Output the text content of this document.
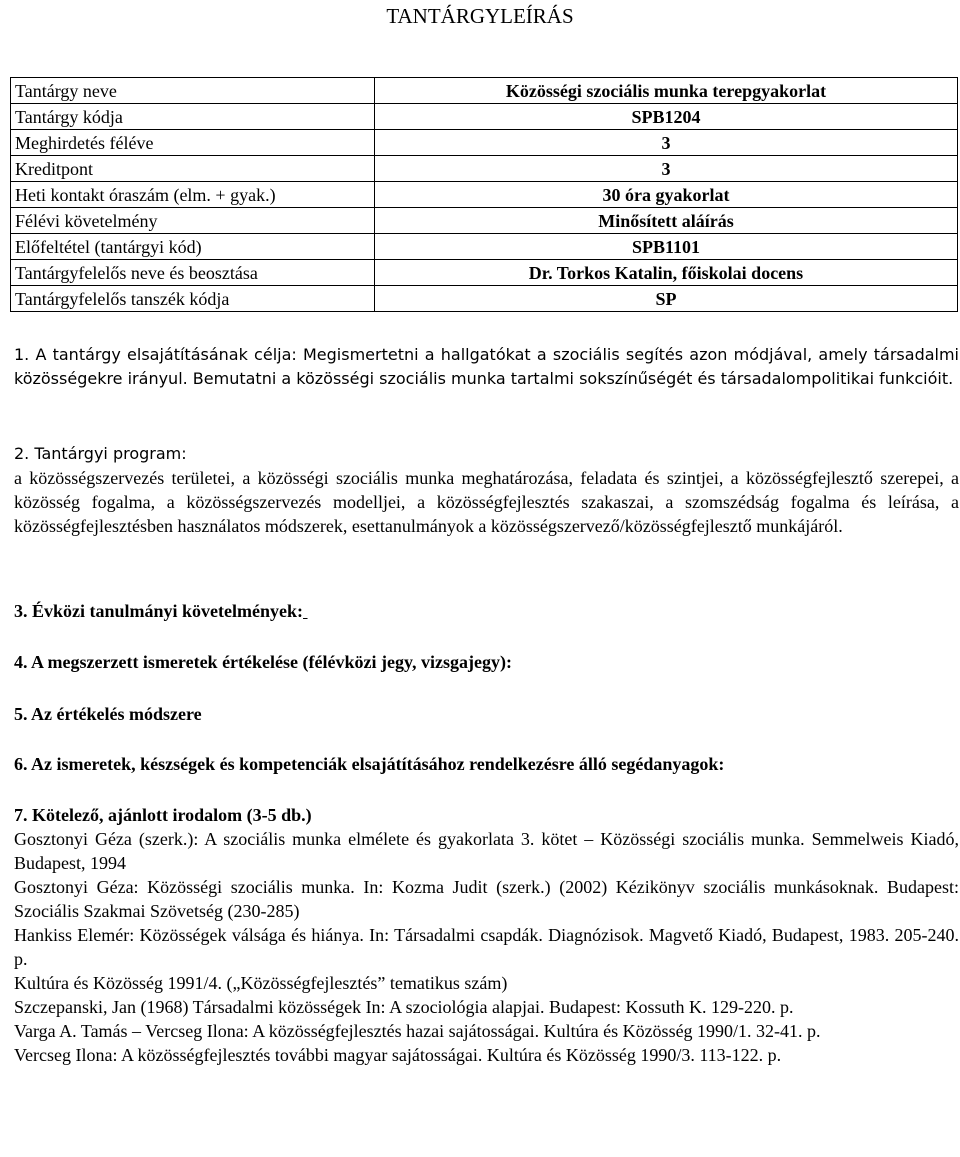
TANTÁRGYLEÍRÁS
Tantárgy neve	Közösségi szociális munka terepgyakorlat
Tantárgy kódja	SPB1204
Meghirdetés féléve	3
Kreditpont	3
Heti kontakt óraszám (elm. + gyak.)	30 óra gyakorlat
Félévi követelmény	Minősített aláírás
Előfeltétel (tantárgyi kód)	SPB1101
Tantárgyfelelős neve és beosztása	Dr. Torkos Katalin, főiskolai docens
Tantárgyfelelős tanszék kódja	SP
1. A tantárgy elsajátításának célja: Megismertetni a hallgatókat a szociális segítés azon módjával, amely társadalmi közösségekre irányul. Bemutatni a közösségi szociális munka tartalmi sokszínűségét és társadalompolitikai funkcióit.
2. Tantárgyi program:
a közösségszervezés területei, a közösségi szociális munka meghatározása, feladata és szintjei, a közösségfejlesztő szerepei, a közösség fogalma, a közösségszervezés modelljei, a közösségfejlesztés szakaszai, a szomszédság fogalma és leírása, a közösségfejlesztésben használatos módszerek, esettanulmányok a közösségszervező/közösségfejlesztő munkájáról.
3. Évközi tanulmányi követelmények:
4. A megszerzett ismeretek értékelése (félévközi jegy, vizsgajegy):
5. Az értékelés módszere
6. Az ismeretek, készségek és kompetenciák elsajátításához rendelkezésre álló segédanyagok:
7. Kötelező, ajánlott irodalom (3-5 db.)
Gosztonyi Géza (szerk.): A szociális munka elmélete és gyakorlata 3. kötet – Közösségi szociális munka. Semmelweis Kiadó, Budapest, 1994
Gosztonyi Géza: Közösségi szociális munka. In: Kozma Judit (szerk.) (2002) Kézikönyv szociális munkásoknak. Budapest: Szociális Szakmai Szövetség (230-285)
Hankiss Elemér: Közösségek válsága és hiánya. In: Társadalmi csapdák. Diagnózisok. Magvető Kiadó, Budapest, 1983. 205-240. p.
Kultúra és Közösség 1991/4. („Közösségfejlesztés” tematikus szám)
Szczepanski, Jan (1968) Társadalmi közösségek In: A szociológia alapjai. Budapest: Kossuth K. 129-220. p.
Varga A. Tamás – Vercseg Ilona: A közösségfejlesztés hazai sajátosságai. Kultúra és Közösség 1990/1. 32-41. p.
Vercseg Ilona: A közösségfejlesztés további magyar sajátosságai. Kultúra és Közösség 1990/3. 113-122. p.
